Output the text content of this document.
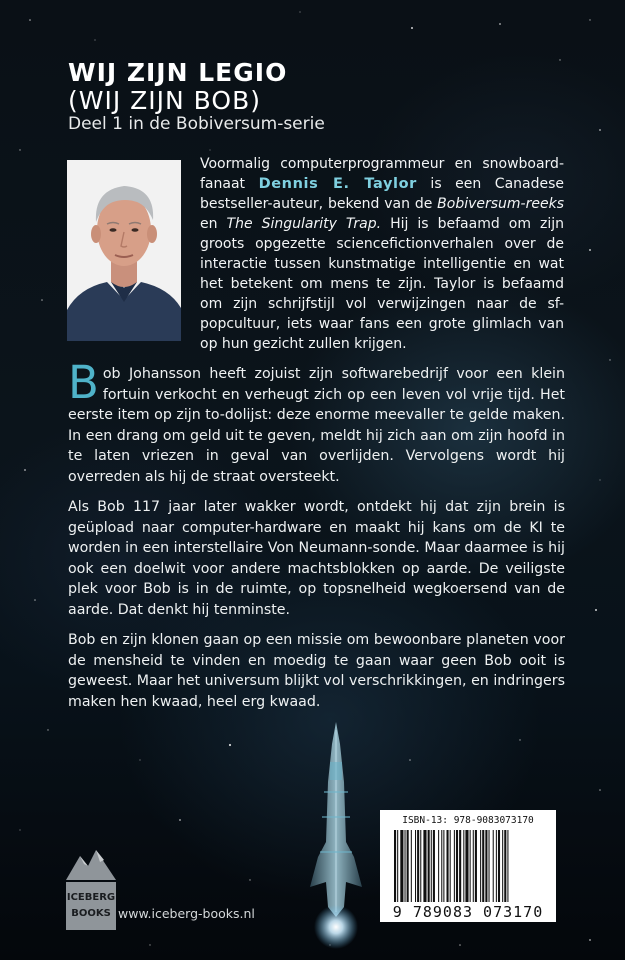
WIJ ZIJN LEGIO
(WIJ ZIJN BOB)

Deel 1 in de Bobiversum-serie

Voormalig computerprogrammeur en snowboard-fanaat Dennis E. Taylor is een Canadese bestseller-auteur, bekend van de Bobiversum-reeks en The Singularity Trap. Hij is befaamd om zijn groots opgezette sciencefictionverhalen over de interactie tussen kunstmatige intelligentie en wat het betekent om mens te zijn. Taylor is befaamd om zijn schrijfstijl vol verwijzingen naar de sf-popcultuur, iets waar fans een grote glimlach van op hun gezicht zullen krijgen.

Bob Johansson heeft zojuist zijn softwarebedrijf voor een klein fortuin verkocht en verheugt zich op een leven vol vrije tijd. Het eerste item op zijn to-dolijst: deze enorme meevaller te gelde maken. In een drang om geld uit te geven, meldt hij zich aan om zijn hoofd in te laten vriezen in geval van overlijden. Vervolgens wordt hij overreden als hij de straat oversteekt.

Als Bob 117 jaar later wakker wordt, ontdekt hij dat zijn brein is geüpload naar computer-hardware en maakt hij kans om de KI te worden in een interstellaire Von Neumann-sonde. Maar daarmee is hij ook een doelwit voor andere machtsblokken op aarde. De veiligste plek voor Bob is in de ruimte, op topsnelheid wegkoersend van de aarde. Dat denkt hij tenminste.

Bob en zijn klonen gaan op een missie om bewoonbare planeten voor de mensheid te vinden en moedig te gaan waar geen Bob ooit is geweest. Maar het universum blijkt vol verschrikkingen, en indringers maken hen kwaad, heel erg kwaad.

ISBN-13: 978-9083073170

9 789083 073170

ICEBERG
BOOKS www.iceberg-books.nl
